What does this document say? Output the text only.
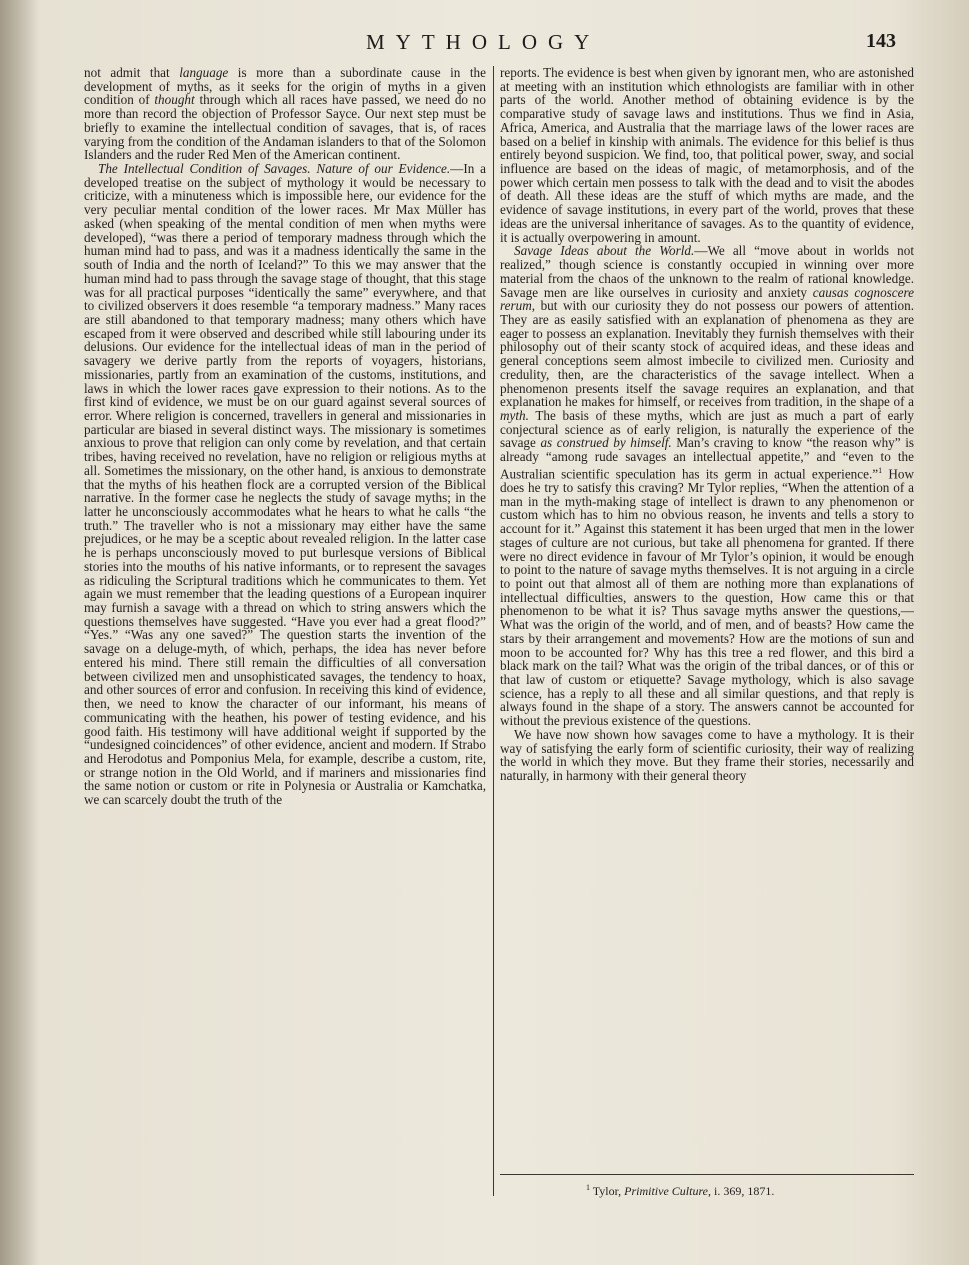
MYTHOLOGY	143

not admit that language is more than a subordinate cause in the development of myths, as it seeks for the origin of myths in a given condition of thought through which all races have passed, we need do no more than record the objection of Professor Sayce. Our next step must be briefly to examine the intellectual condition of savages, that is, of races varying from the condition of the Andaman islanders to that of the Solomon Islanders and the ruder Red Men of the American continent.

The Intellectual Condition of Savages. Nature of our Evidence.—In a developed treatise on the subject of mythology it would be necessary to criticize, with a minuteness which is impossible here, our evidence for the very peculiar mental condition of the lower races. Mr Max Müller has asked (when speaking of the mental condition of men when myths were developed), “was there a period of temporary madness through which the human mind had to pass, and was it a madness identically the same in the south of India and the north of Iceland?” To this we may answer that the human mind had to pass through the savage stage of thought, that this stage was for all practical purposes “identically the same” everywhere, and that to civilized observers it does resemble “a temporary madness.” Many races are still abandoned to that temporary madness; many others which have escaped from it were observed and described while still labouring under its delusions. Our evidence for the intellectual ideas of man in the period of savagery we derive partly from the reports of voyagers, historians, missionaries, partly from an examination of the customs, institutions, and laws in which the lower races gave expression to their notions. As to the first kind of evidence, we must be on our guard against several sources of error. Where religion is concerned, travellers in general and missionaries in particular are biased in several distinct ways. The missionary is sometimes anxious to prove that religion can only come by revelation, and that certain tribes, having received no revelation, have no religion or religious myths at all. Sometimes the missionary, on the other hand, is anxious to demonstrate that the myths of his heathen flock are a corrupted version of the Biblical narrative. In the former case he neglects the study of savage myths; in the latter he unconsciously accommodates what he hears to what he calls “the truth.” The traveller who is not a missionary may either have the same prejudices, or he may be a sceptic about revealed religion. In the latter case he is perhaps unconsciously moved to put burlesque versions of Biblical stories into the mouths of his native informants, or to represent the savages as ridiculing the Scriptural traditions which he communicates to them. Yet again we must remember that the leading questions of a European inquirer may furnish a savage with a thread on which to string answers which the questions themselves have suggested. “Have you ever had a great flood?” “Yes.” “Was any one saved?” The question starts the invention of the savage on a deluge-myth, of which, perhaps, the idea has never before entered his mind. There still remain the difficulties of all conversation between civilized men and unsophisticated savages, the tendency to hoax, and other sources of error and confusion. In receiving this kind of evidence, then, we need to know the character of our informant, his means of communicating with the heathen, his power of testing evidence, and his good faith. His testimony will have additional weight if supported by the “undesigned coincidences” of other evidence, ancient and modern. If Strabo and Herodotus and Pomponius Mela, for example, describe a custom, rite, or strange notion in the Old World, and if mariners and missionaries find the same notion or custom or rite in Polynesia or Australia or Kamchatka, we can scarcely doubt the truth of the

reports. The evidence is best when given by ignorant men, who are astonished at meeting with an institution which ethnologists are familiar with in other parts of the world. Another method of obtaining evidence is by the comparative study of savage laws and institutions. Thus we find in Asia, Africa, America, and Australia that the marriage laws of the lower races are based on a belief in kinship with animals. The evidence for this belief is thus entirely beyond suspicion. We find, too, that political power, sway, and social influence are based on the ideas of magic, of metamorphosis, and of the power which certain men possess to talk with the dead and to visit the abodes of death. All these ideas are the stuff of which myths are made, and the evidence of savage institutions, in every part of the world, proves that these ideas are the universal inheritance of savages. As to the quantity of evidence, it is actually overpowering in amount.

Savage Ideas about the World.—We all “move about in worlds not realized,” though science is constantly occupied in winning over more material from the chaos of the unknown to the realm of rational knowledge. Savage men are like ourselves in curiosity and anxiety causas cognoscere rerum, but with our curiosity they do not possess our powers of attention. They are as easily satisfied with an explanation of phenomena as they are eager to possess an explanation. Inevitably they furnish themselves with their philosophy out of their scanty stock of acquired ideas, and these ideas and general conceptions seem almost imbecile to civilized men. Curiosity and credulity, then, are the characteristics of the savage intellect. When a phenomenon presents itself the savage requires an explanation, and that explanation he makes for himself, or receives from tradition, in the shape of a myth. The basis of these myths, which are just as much a part of early conjectural science as of early religion, is naturally the experience of the savage as construed by himself. Man’s craving to know “the reason why” is already “among rude savages an intellectual appetite,” and “even to the Australian scientific speculation has its germ in actual experience.”$^1$ How does he try to satisfy this craving? Mr Tylor replies, “When the attention of a man in the myth-making stage of intellect is drawn to any phenomenon or custom which has to him no obvious reason, he invents and tells a story to account for it.” Against this statement it has been urged that men in the lower stages of culture are not curious, but take all phenomena for granted. If there were no direct evidence in favour of Mr Tylor’s opinion, it would be enough to point to the nature of savage myths themselves. It is not arguing in a circle to point out that almost all of them are nothing more than explanations of intellectual difficulties, answers to the question, How came this or that phenomenon to be what it is? Thus savage myths answer the questions,—What was the origin of the world, and of men, and of beasts? How came the stars by their arrangement and movements? How are the motions of sun and moon to be accounted for? Why has this tree a red flower, and this bird a black mark on the tail? What was the origin of the tribal dances, or of this or that law of custom or etiquette? Savage mythology, which is also savage science, has a reply to all these and all similar questions, and that reply is always found in the shape of a story. The answers cannot be accounted for without the previous existence of the questions.

We have now shown how savages come to have a mythology. It is their way of satisfying the early form of scientific curiosity, their way of realizing the world in which they move. But they frame their stories, necessarily and naturally, in harmony with their general theory

$^1$ Tylor, Primitive Culture, i. 369, 1871.
